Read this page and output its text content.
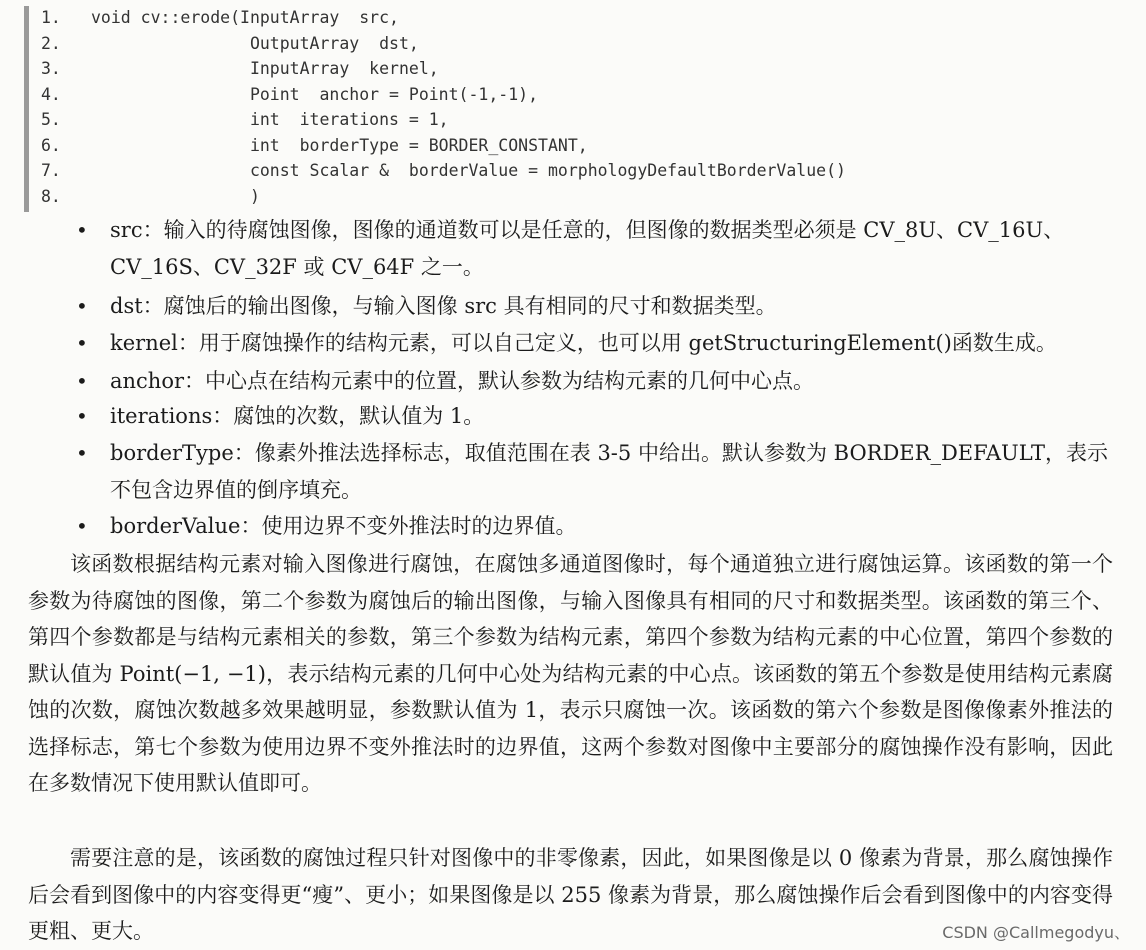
1. void cv::erode(InputArray  src,
2.                OutputArray  dst,
3.                InputArray  kernel,
4.                Point  anchor = Point(-1,-1),
5.                int  iterations = 1,
6.                int  borderType = BORDER_CONSTANT,
7.                const Scalar &  borderValue = morphologyDefaultBorderValue()
8.                )
• src：输入的待腐蚀图像，图像的通道数可以是任意的，但图像的数据类型必须是 CV_8U、CV_16U、CV_16S、CV_32F 或 CV_64F 之一。
• dst：腐蚀后的输出图像，与输入图像 src 具有相同的尺寸和数据类型。
• kernel：用于腐蚀操作的结构元素，可以自己定义，也可以用 getStructuringElement()函数生成。
• anchor：中心点在结构元素中的位置，默认参数为结构元素的几何中心点。
• iterations：腐蚀的次数，默认值为 1。
• borderType：像素外推法选择标志，取值范围在表 3-5 中给出。默认参数为 BORDER_DEFAULT，表示不包含边界值的倒序填充。
• borderValue：使用边界不变外推法时的边界值。
该函数根据结构元素对输入图像进行腐蚀，在腐蚀多通道图像时，每个通道独立进行腐蚀运算。该函数的第一个参数为待腐蚀的图像，第二个参数为腐蚀后的输出图像，与输入图像具有相同的尺寸和数据类型。该函数的第三个、第四个参数都是与结构元素相关的参数，第三个参数为结构元素，第四个参数为结构元素的中心位置，第四个参数的默认值为 Point(−1, −1)，表示结构元素的几何中心处为结构元素的中心点。该函数的第五个参数是使用结构元素腐蚀的次数，腐蚀次数越多效果越明显，参数默认值为 1，表示只腐蚀一次。该函数的第六个参数是图像像素外推法的选择标志，第七个参数为使用边界不变外推法时的边界值，这两个参数对图像中主要部分的腐蚀操作没有影响，因此在多数情况下使用默认值即可。
需要注意的是，该函数的腐蚀过程只针对图像中的非零像素，因此，如果图像是以 0 像素为背景，那么腐蚀操作后会看到图像中的内容变得更“瘦”、更小；如果图像是以 255 像素为背景，那么腐蚀操作后会看到图像中的内容变得更粗、更大。	CSDN @Callmegodyu、
